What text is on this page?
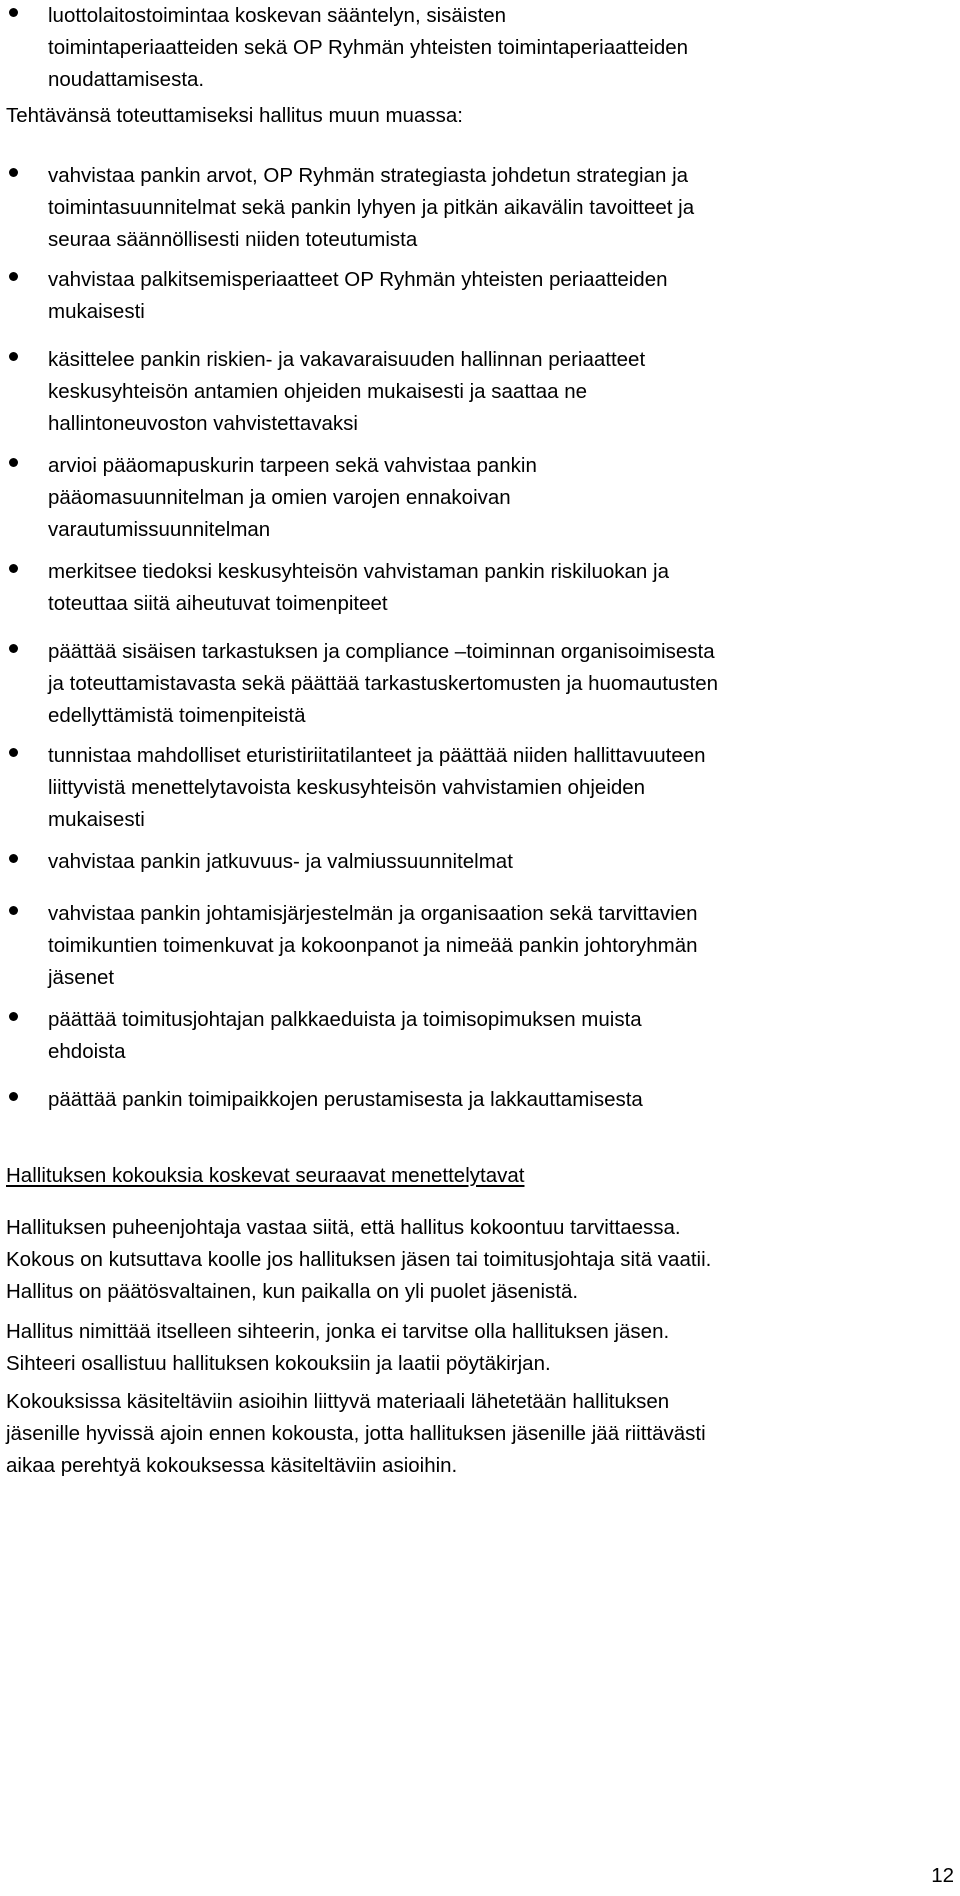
luottolaitostoimintaa koskevan sääntelyn, sisäisten
toimintaperiaatteiden sekä OP Ryhmän yhteisten toimintaperiaatteiden
noudattamisesta.

Tehtävänsä toteuttamiseksi hallitus muun muassa:

vahvistaa pankin arvot, OP Ryhmän strategiasta johdetun strategian ja
toimintasuunnitelmat sekä pankin lyhyen ja pitkän aikavälin tavoitteet ja
seuraa säännöllisesti niiden toteutumista
vahvistaa palkitsemisperiaatteet OP Ryhmän yhteisten periaatteiden
mukaisesti
käsittelee pankin riskien- ja vakavaraisuuden hallinnan periaatteet
keskusyhteisön antamien ohjeiden mukaisesti ja saattaa ne
hallintoneuvoston vahvistettavaksi
arvioi pääomapuskurin tarpeen sekä vahvistaa pankin
pääomasuunnitelman ja omien varojen ennakoivan
varautumissuunnitelman
merkitsee tiedoksi keskusyhteisön vahvistaman pankin riskiluokan ja
toteuttaa siitä aiheutuvat toimenpiteet
päättää sisäisen tarkastuksen ja compliance –toiminnan organisoimisesta
ja toteuttamistavasta sekä päättää tarkastuskertomusten ja huomautusten
edellyttämistä toimenpiteistä
tunnistaa mahdolliset eturistiriitatilanteet ja päättää niiden hallittavuuteen
liittyvistä menettelytavoista keskusyhteisön vahvistamien ohjeiden
mukaisesti
vahvistaa pankin jatkuvuus- ja valmiussuunnitelmat
vahvistaa pankin johtamisjärjestelmän ja organisaation sekä tarvittavien
toimikuntien toimenkuvat ja kokoonpanot ja nimeää pankin johtoryhmän
jäsenet
päättää toimitusjohtajan palkkaeduista ja toimisopimuksen muista
ehdoista
päättää pankin toimipaikkojen perustamisesta ja lakkauttamisesta
Hallituksen kokouksia koskevat seuraavat menettelytavat

Hallituksen puheenjohtaja vastaa siitä, että hallitus kokoontuu tarvittaessa.
Kokous on kutsuttava koolle jos hallituksen jäsen tai toimitusjohtaja sitä vaatii.
Hallitus on päätösvaltainen, kun paikalla on yli puolet jäsenistä.

Hallitus nimittää itselleen sihteerin, jonka ei tarvitse olla hallituksen jäsen.
Sihteeri osallistuu hallituksen kokouksiin ja laatii pöytäkirjan.

Kokouksissa käsiteltäviin asioihin liittyvä materiaali lähetetään hallituksen
jäsenille hyvissä ajoin ennen kokousta, jotta hallituksen jäsenille jää riittävästi
aikaa perehtyä kokouksessa käsiteltäviin asioihin.

12
